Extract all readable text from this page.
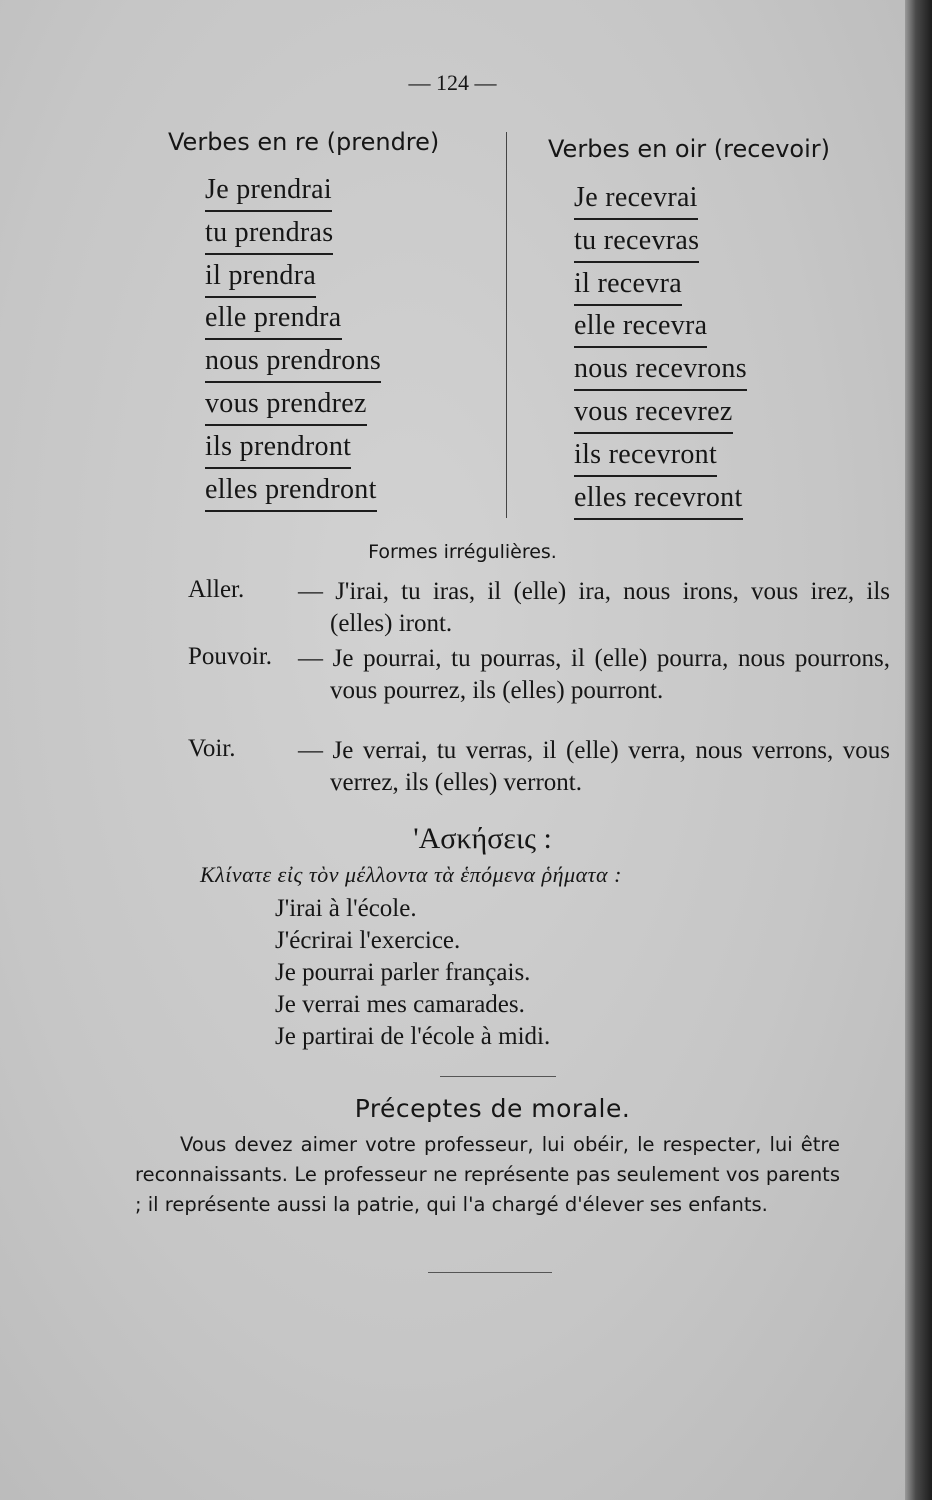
— 124 —
Verbes en re (prendre)	Verbes en oir (recevoir)
Je prendrai
tu prendras
il prendra
elle prendra
nous prendrons
vous prendrez
ils prendront
elles prendront
Je recevrai
tu recevras
il recevra
elle recevra
nous recevrons
vous recevrez
ils recevront
elles recevront
Formes irrégulières.
Aller. — J'irai, tu iras, il (elle) ira, nous irons, vous irez, ils (elles) iront.
Pouvoir. — Je pourrai, tu pourras, il (elle) pourra, nous pourrons, vous pourrez, ils (elles) pourront.
Voir.	— Je verrai, tu verras, il (elle) verra, nous verrons, vous verrez, ils (elles) verront.
'Ασκήσεις :
Κλίνατε εἰς τὸν μέλλοντα τὰ ἑπόμενα ῥήματα :
J'irai à l'école.
J'écrirai l'exercice.
Je pourrai parler français.
Je verrai mes camarades.
Je partirai de l'école à midi.
Préceptes de morale.

Vous devez aimer votre professeur, lui obéir, le respecter, lui être reconnaissants. Le professeur ne représente pas seulement vos parents ; il représente aussi la patrie, qui l'a chargé d'élever ses enfants.
